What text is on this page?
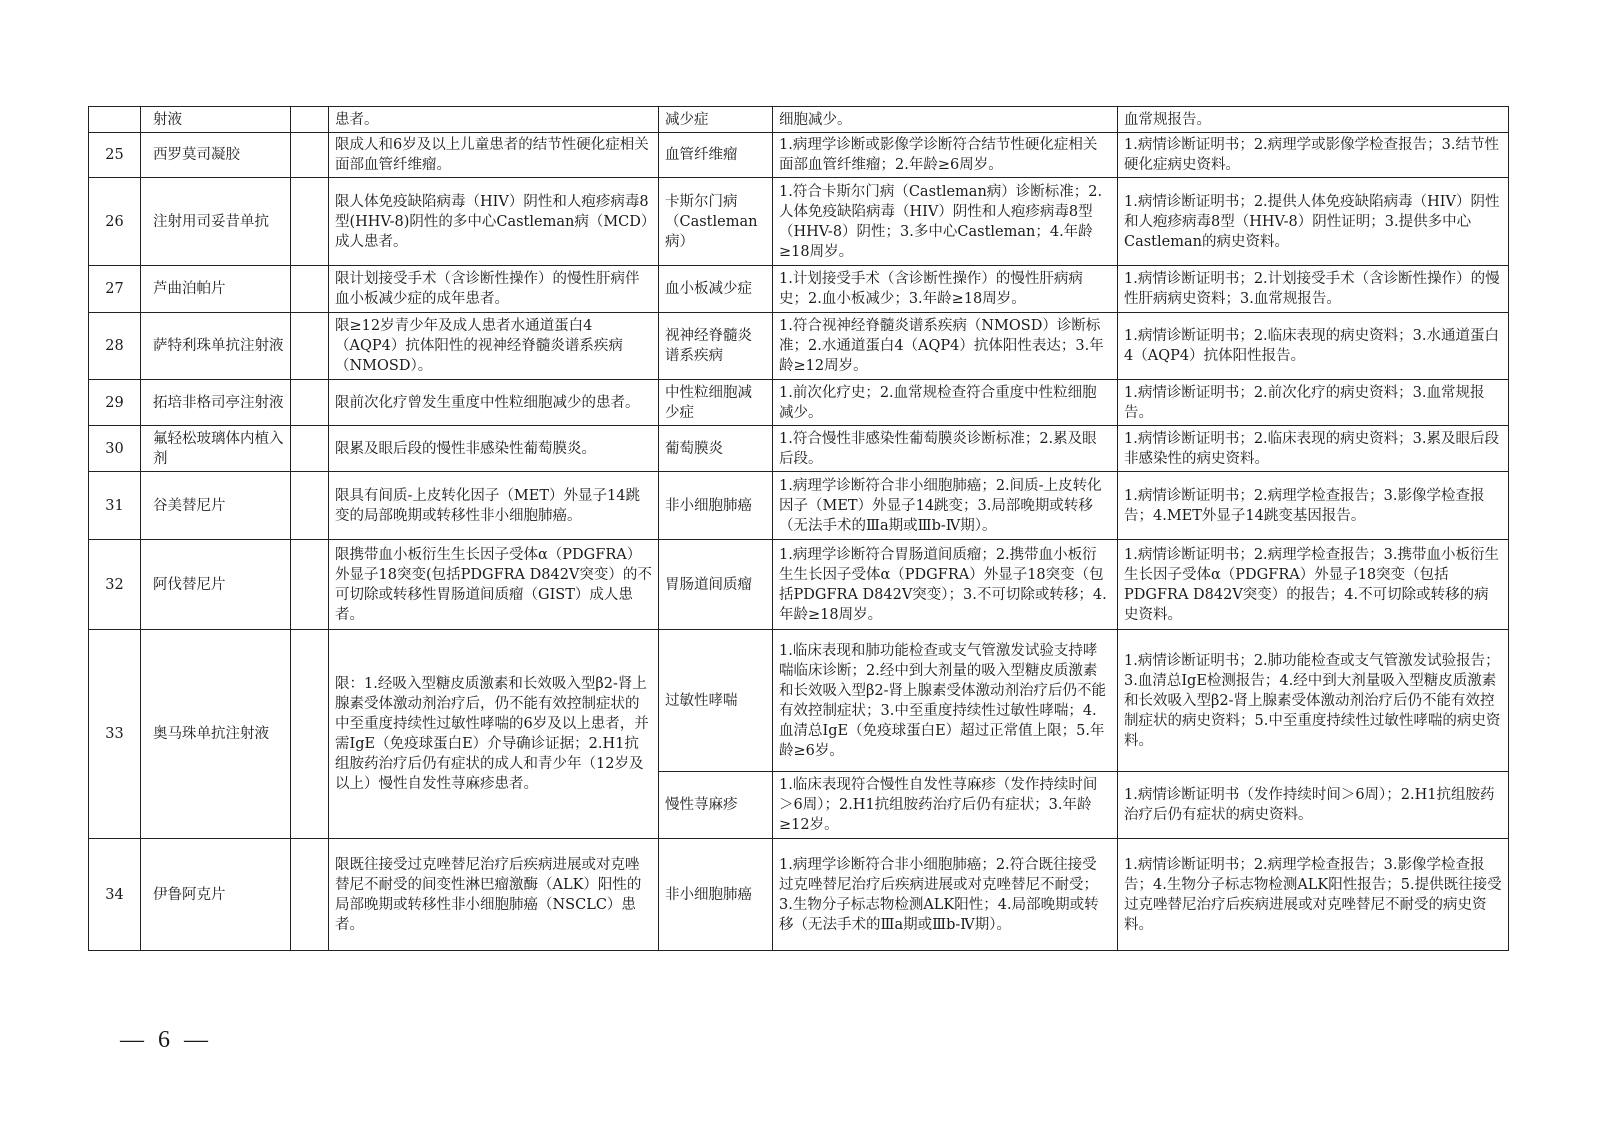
	射液		患者。	减少症	细胞减少。	血常规报告。
25	西罗莫司凝胶		限成人和6岁及以上儿童患者的结节性硬化症相关面部血管纤维瘤。	血管纤维瘤	1.病理学诊断或影像学诊断符合结节性硬化症相关面部血管纤维瘤；2.年龄≥6周岁。	1.病情诊断证明书；2.病理学或影像学检查报告；3.结节性硬化症病史资料。
26	注射用司妥昔单抗		限人体免疫缺陷病毒（HIV）阴性和人疱疹病毒8型(HHV-8)阴性的多中心Castleman病（MCD）成人患者。	卡斯尔门病（Castleman病）	1.符合卡斯尔门病（Castleman病）诊断标准；2.人体免疫缺陷病毒（HIV）阴性和人疱疹病毒8型（HHV-8）阴性；3.多中心Castleman；4.年龄≥18周岁。	1.病情诊断证明书；2.提供人体免疫缺陷病毒（HIV）阴性和人疱疹病毒8型（HHV-8）阴性证明；3.提供多中心Castleman的病史资料。
27	芦曲泊帕片		限计划接受手术（含诊断性操作）的慢性肝病伴血小板减少症的成年患者。	血小板减少症	1.计划接受手术（含诊断性操作）的慢性肝病病史；2.血小板减少；3.年龄≥18周岁。	1.病情诊断证明书；2.计划接受手术（含诊断性操作）的慢性肝病病史资料；3.血常规报告。
28	萨特利珠单抗注射液		限≥12岁青少年及成人患者水通道蛋白4（AQP4）抗体阳性的视神经脊髓炎谱系疾病（NMOSD）。	视神经脊髓炎谱系疾病	1.符合视神经脊髓炎谱系疾病（NMOSD）诊断标准；2.水通道蛋白4（AQP4）抗体阳性表达；3.年龄≥12周岁。	1.病情诊断证明书；2.临床表现的病史资料；3.水通道蛋白4（AQP4）抗体阳性报告。
29	拓培非格司亭注射液		限前次化疗曾发生重度中性粒细胞减少的患者。	中性粒细胞减少症	1.前次化疗史；2.血常规检查符合重度中性粒细胞减少。	1.病情诊断证明书；2.前次化疗的病史资料；3.血常规报告。
30	氟轻松玻璃体内植入剂		限累及眼后段的慢性非感染性葡萄膜炎。	葡萄膜炎	1.符合慢性非感染性葡萄膜炎诊断标准；2.累及眼后段。	1.病情诊断证明书；2.临床表现的病史资料；3.累及眼后段非感染性的病史资料。
31	谷美替尼片		限具有间质-上皮转化因子（MET）外显子14跳变的局部晚期或转移性非小细胞肺癌。	非小细胞肺癌	1.病理学诊断符合非小细胞肺癌；2.间质-上皮转化因子（MET）外显子14跳变；3.局部晚期或转移（无法手术的Ⅲa期或Ⅲb-Ⅳ期）。	1.病情诊断证明书；2.病理学检查报告；3.影像学检查报告；4.MET外显子14跳变基因报告。
32	阿伐替尼片		限携带血小板衍生生长因子受体α（PDGFRA）外显子18突变(包括PDGFRA D842V突变）的不可切除或转移性胃肠道间质瘤（GIST）成人患者。	胃肠道间质瘤	1.病理学诊断符合胃肠道间质瘤；2.携带血小板衍生生长因子受体α（PDGFRA）外显子18突变（包括PDGFRA D842V突变）；3.不可切除或转移；4.年龄≥18周岁。	1.病情诊断证明书；2.病理学检查报告；3.携带血小板衍生生长因子受体α（PDGFRA）外显子18突变（包括PDGFRA D842V突变）的报告；4.不可切除或转移的病史资料。
33	奥马珠单抗注射液		限：1.经吸入型糖皮质激素和长效吸入型β2-肾上腺素受体激动剂治疗后，仍不能有效控制症状的中至重度持续性过敏性哮喘的6岁及以上患者，并需IgE（免疫球蛋白E）介导确诊证据；2.H1抗组胺药治疗后仍有症状的成人和青少年（12岁及以上）慢性自发性荨麻疹患者。	过敏性哮喘	1.临床表现和肺功能检查或支气管激发试验支持哮喘临床诊断；2.经中到大剂量的吸入型糖皮质激素和长效吸入型β2-肾上腺素受体激动剂治疗后仍不能有效控制症状；3.中至重度持续性过敏性哮喘；4.血清总IgE（免疫球蛋白E）超过正常值上限；5.年龄≥6岁。	1.病情诊断证明书；2.肺功能检查或支气管激发试验报告；3.血清总IgE检测报告；4.经中到大剂量吸入型糖皮质激素和长效吸入型β2-肾上腺素受体激动剂治疗后仍不能有效控制症状的病史资料；5.中至重度持续性过敏性哮喘的病史资料。
				慢性荨麻疹	1.临床表现符合慢性自发性荨麻疹（发作持续时间＞6周）；2.H1抗组胺药治疗后仍有症状；3.年龄≥12岁。	1.病情诊断证明书（发作持续时间＞6周）；2.H1抗组胺药治疗后仍有症状的病史资料。
34	伊鲁阿克片		限既往接受过克唑替尼治疗后疾病进展或对克唑替尼不耐受的间变性淋巴瘤激酶（ALK）阳性的局部晚期或转移性非小细胞肺癌（NSCLC）患者。	非小细胞肺癌	1.病理学诊断符合非小细胞肺癌；2.符合既往接受过克唑替尼治疗后疾病进展或对克唑替尼不耐受；3.生物分子标志物检测ALK阳性；4.局部晚期或转移（无法手术的Ⅲa期或Ⅲb-Ⅳ期）。	1.病情诊断证明书；2.病理学检查报告；3.影像学检查报告；4.生物分子标志物检测ALK阳性报告；5.提供既往接受过克唑替尼治疗后疾病进展或对克唑替尼不耐受的病史资料。
— 6 —
